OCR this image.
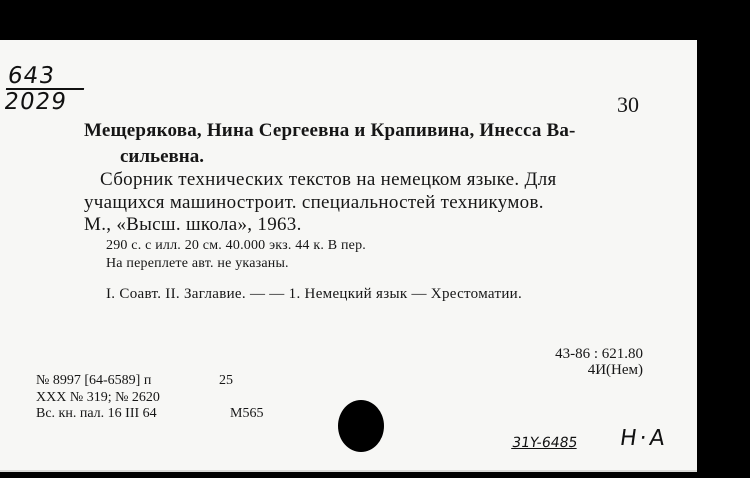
643
2029	30
Мещерякова, Нина Сергеевна и Крапивина, Инесса Ва-
сильевна.
Сборник технических текстов на немецком языке. Для
учащихся машиностроит. специальностей техникумов.
М., «Высш. школа», 1963.
290 с. с илл. 20 см. 40.000 экз. 44 к. В пер.
На переплете авт. не указаны.
I. Соавт. II. Заглавие. — — 1. Немецкий язык — Хрестоматии.
43-86 : 621.80
4И(Нем)
№ 8997 [64-6589] п	25
ХХХ № 319; № 2620
Вс. кн. пал. 16 III 64	М565
31Y-6485 Н·А
